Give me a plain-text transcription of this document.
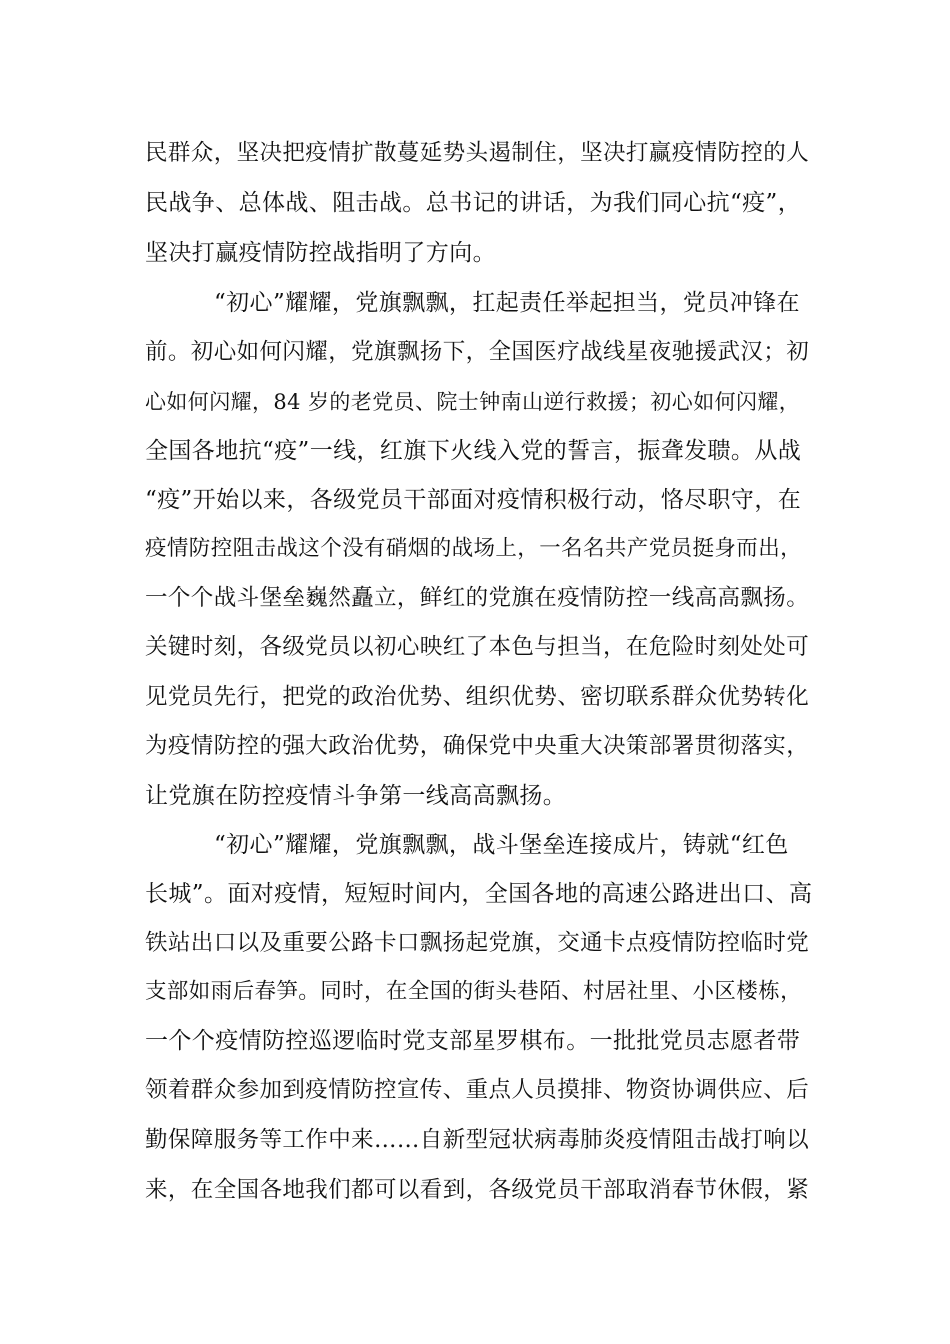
民群众，坚决把疫情扩散蔓延势头遏制住，坚决打赢疫情防控的人
民战争、总体战、阻击战。总书记的讲话，为我们同心抗“疫”，
坚决打赢疫情防控战指明了方向。
“初心”耀耀，党旗飘飘，扛起责任举起担当，党员冲锋在
前。初心如何闪耀，党旗飘扬下，全国医疗战线星夜驰援武汉；初
心如何闪耀，84 岁的老党员、院士钟南山逆行救援；初心如何闪耀，
全国各地抗“疫”一线，红旗下火线入党的誓言，振聋发聩。从战
“疫”开始以来，各级党员干部面对疫情积极行动，恪尽职守，在
疫情防控阻击战这个没有硝烟的战场上，一名名共产党员挺身而出，
一个个战斗堡垒巍然矗立，鲜红的党旗在疫情防控一线高高飘扬。
关键时刻，各级党员以初心映红了本色与担当，在危险时刻处处可
见党员先行，把党的政治优势、组织优势、密切联系群众优势转化
为疫情防控的强大政治优势，确保党中央重大决策部署贯彻落实，
让党旗在防控疫情斗争第一线高高飘扬。
“初心”耀耀，党旗飘飘，战斗堡垒连接成片，铸就“红色
长城”。面对疫情，短短时间内，全国各地的高速公路进出口、高
铁站出口以及重要公路卡口飘扬起党旗，交通卡点疫情防控临时党
支部如雨后春笋。同时，在全国的街头巷陌、村居社里、小区楼栋，
一个个疫情防控巡逻临时党支部星罗棋布。一批批党员志愿者带
领着群众参加到疫情防控宣传、重点人员摸排、物资协调供应、后
勤保障服务等工作中来……自新型冠状病毒肺炎疫情阻击战打响以
来，在全国各地我们都可以看到，各级党员干部取消春节休假，紧
